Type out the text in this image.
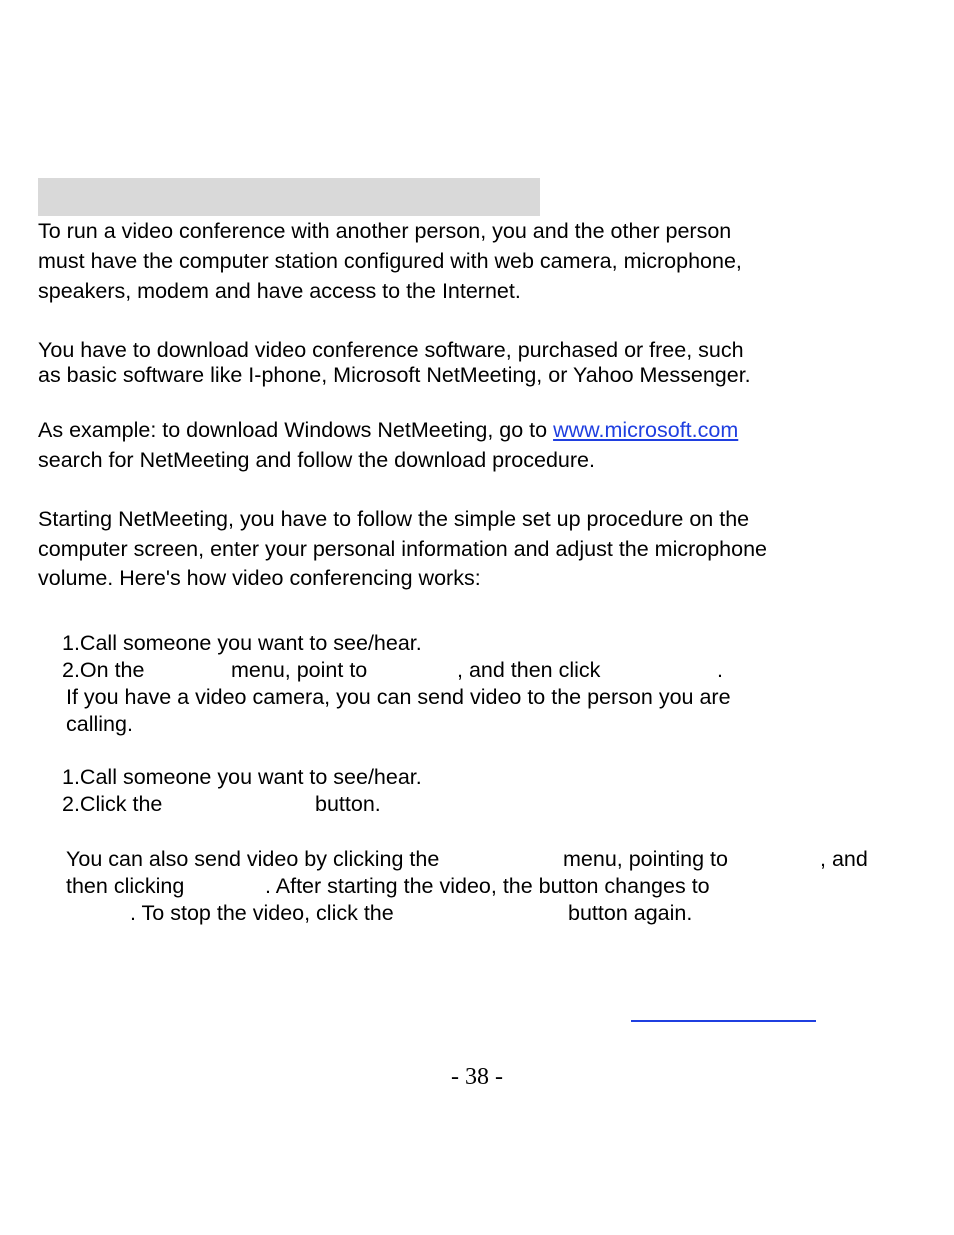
To run a video conference with another person, you and the other person
must have the computer station configured with web camera, microphone,
speakers, modem and have access to the Internet.

You have to download video conference software, purchased or free, such
as basic software like I-phone, Microsoft NetMeeting, or Yahoo Messenger.

As example: to download Windows NetMeeting, go to www.microsoft.com
search for NetMeeting and follow the download procedure.

Starting NetMeeting, you have to follow the simple set up procedure on the
computer screen, enter your personal information and adjust the microphone
volume. Here's how video conferencing works:

1.Call someone you want to see/hear.
2.On the	menu, point to	, and then click	.
If you have a video camera, you can send video to the person you are
calling.
1.Call someone you want to see/hear.
2.Click the	button.
You can also send video by clicking the	menu, pointing to	, and
then clicking	. After starting the video, the button changes to
. To stop the video, click the	button again.
- 38 -
